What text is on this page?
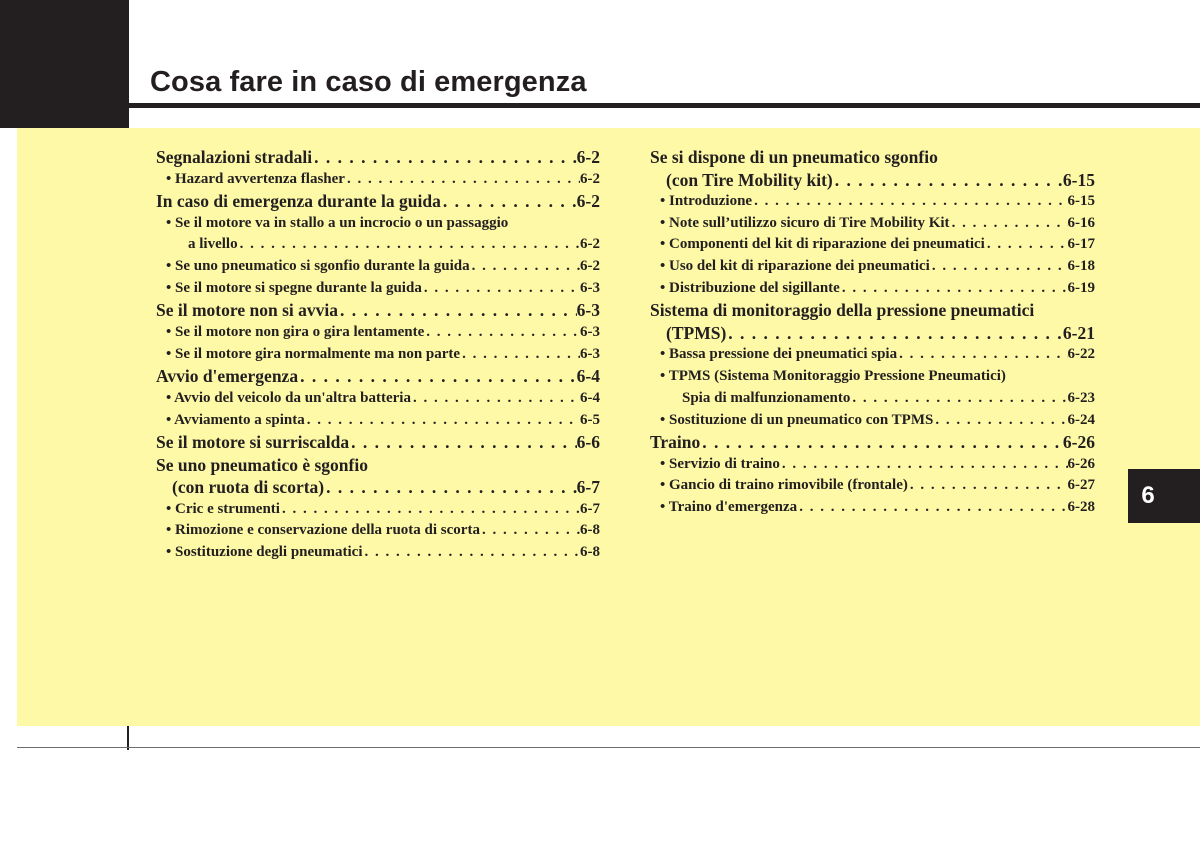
Cosa fare in caso di emergenza
6
Segnalazioni stradali . . .	6-2
• Hazard avvertenza flasher . . .	6-2
In caso di emergenza durante la guida . . .	6-2
• Se il motore va in stallo a un incrocio o un passaggio
a livello . . .	6-2
• Se uno pneumatico si sgonfio durante la guida . . .	6-2
• Se il motore si spegne durante la guida . . .	6-3
Se il motore non si avvia . . .	6-3
• Se il motore non gira o gira lentamente . . .	6-3
• Se il motore gira normalmente ma non parte . . .	6-3
Avvio d'emergenza . . .	6-4
• Avvio del veicolo da un'altra batteria . . .	6-4
• Avviamento a spinta . . .	6-5
Se il motore si surriscalda . . .	6-6
Se uno pneumatico è sgonfio
(con ruota di scorta) . . .	6-7
• Cric e strumenti . . .	6-7
• Rimozione e conservazione della ruota di scorta . . .	6-8
• Sostituzione degli pneumatici . . .	6-8
Se si dispone di un pneumatico sgonfio
(con Tire Mobility kit) . . .	6-15
• Introduzione . . .	6-15
• Note sull’utilizzo sicuro di Tire Mobility Kit . . .	6-16
• Componenti del kit di riparazione dei pneumatici . . .	6-17
• Uso del kit di riparazione dei pneumatici . . .	6-18
• Distribuzione del sigillante . . .	6-19
Sistema di monitoraggio della pressione pneumatici
(TPMS) . . .	6-21
• Bassa pressione dei pneumatici spia . . .	6-22
• TPMS (Sistema Monitoraggio Pressione Pneumatici)
Spia di malfunzionamento . . .	6-23
• Sostituzione di un pneumatico con TPMS . . .	6-24
Traino . . .	6-26
• Servizio di traino . . .	6-26
• Gancio di traino rimovibile (frontale) . . .	6-27
• Traino d'emergenza . . .	6-28
